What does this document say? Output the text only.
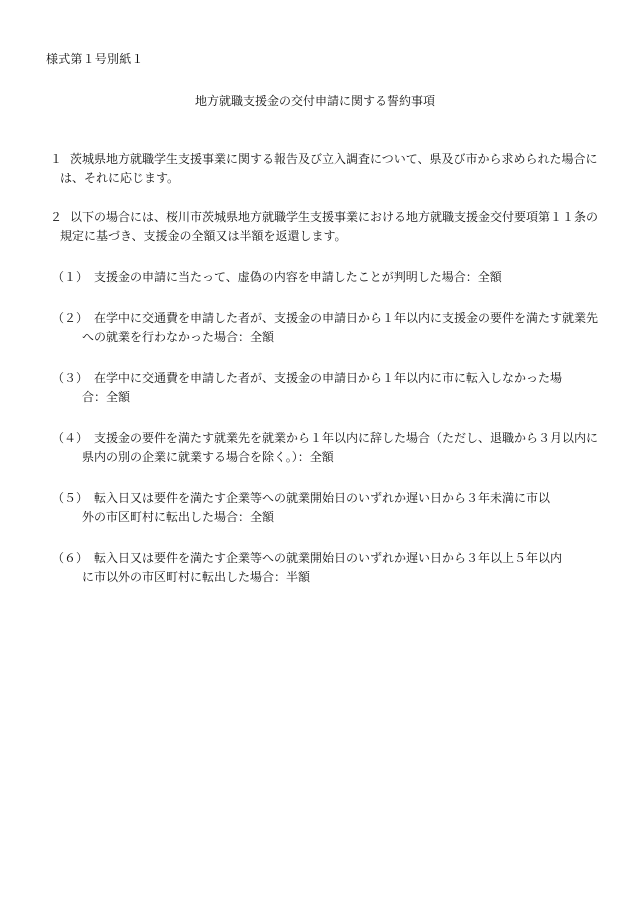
様式第１号別紙１
地方就職支援金の交付申請に関する誓約事項
１ 茨城県地方就職学生支援事業に関する報告及び立入調査について、県及び市から求められた場合に
は、それに応じます。
２ 以下の場合には、桜川市茨城県地方就職学生支援事業における地方就職支援金交付要項第１１条の
規定に基づき、支援金の全額又は半額を返還します。
（１） 支援金の申請に当たって、虚偽の内容を申請したことが判明した場合：全額
（２） 在学中に交通費を申請した者が、支援金の申請日から１年以内に支援金の要件を満たす就業先
への就業を行わなかった場合：全額
（３） 在学中に交通費を申請した者が、支援金の申請日から１年以内に市に転入しなかった場
合：全額
（４） 支援金の要件を満たす就業先を就業から１年以内に辞した場合（ただし、退職から３月以内に
県内の別の企業に就業する場合を除く。）：全額
（５） 転入日又は要件を満たす企業等への就業開始日のいずれか遅い日から３年未満に市以
外の市区町村に転出した場合：全額
（６） 転入日又は要件を満たす企業等への就業開始日のいずれか遅い日から３年以上５年以内
に市以外の市区町村に転出した場合：半額
